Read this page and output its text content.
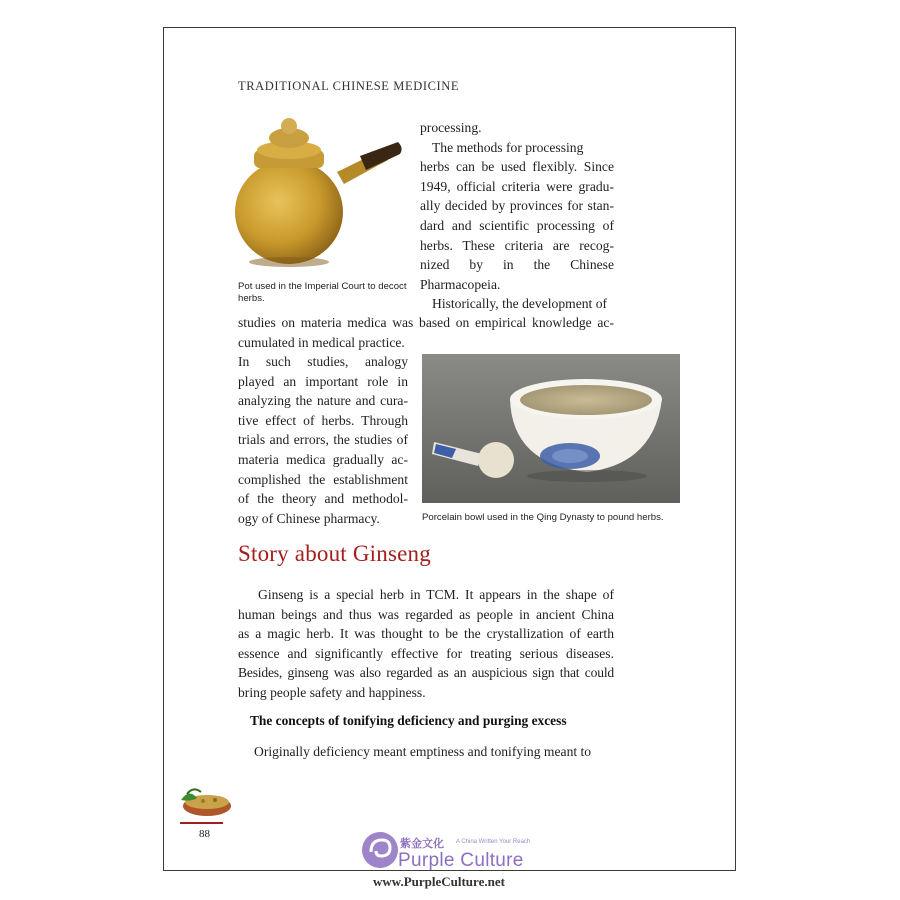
TRADITIONAL CHINESE MEDICINE
Pot used in the Imperial Court to decoct herbs.
processing.
The methods for processing
herbs can be used flexibly. Since
1949, official criteria were gradu-
ally decided by provinces for stan-
dard and scientific processing of
herbs. These criteria are recog-
nized by in the Chinese
Pharmacopeia.
Historically, the development of
studies on materia medica was based on empirical knowledge ac-
cumulated in medical practice.
In such studies, analogy
played an important role in
analyzing the nature and cura-
tive effect of herbs. Through
trials and errors, the studies of
materia medica gradually ac-
complished the establishment
of the theory and methodol-
ogy of Chinese pharmacy.	Porcelain bowl used in the Qing Dynasty to pound herbs.
Story about Ginseng
Ginseng is a special herb in TCM. It appears in the shape of
human beings and thus was regarded as people in ancient China
as a magic herb. It was thought to be the crystallization of earth
essence and significantly effective for treating serious diseases.
Besides, ginseng was also regarded as an auspicious sign that could
bring people safety and happiness.
The concepts of tonifying deficiency and purging excess
Originally deficiency meant emptiness and tonifying meant to
88
紫金文化 A China Written Your Reach
Purple Culture
www.PurpleCulture.net
